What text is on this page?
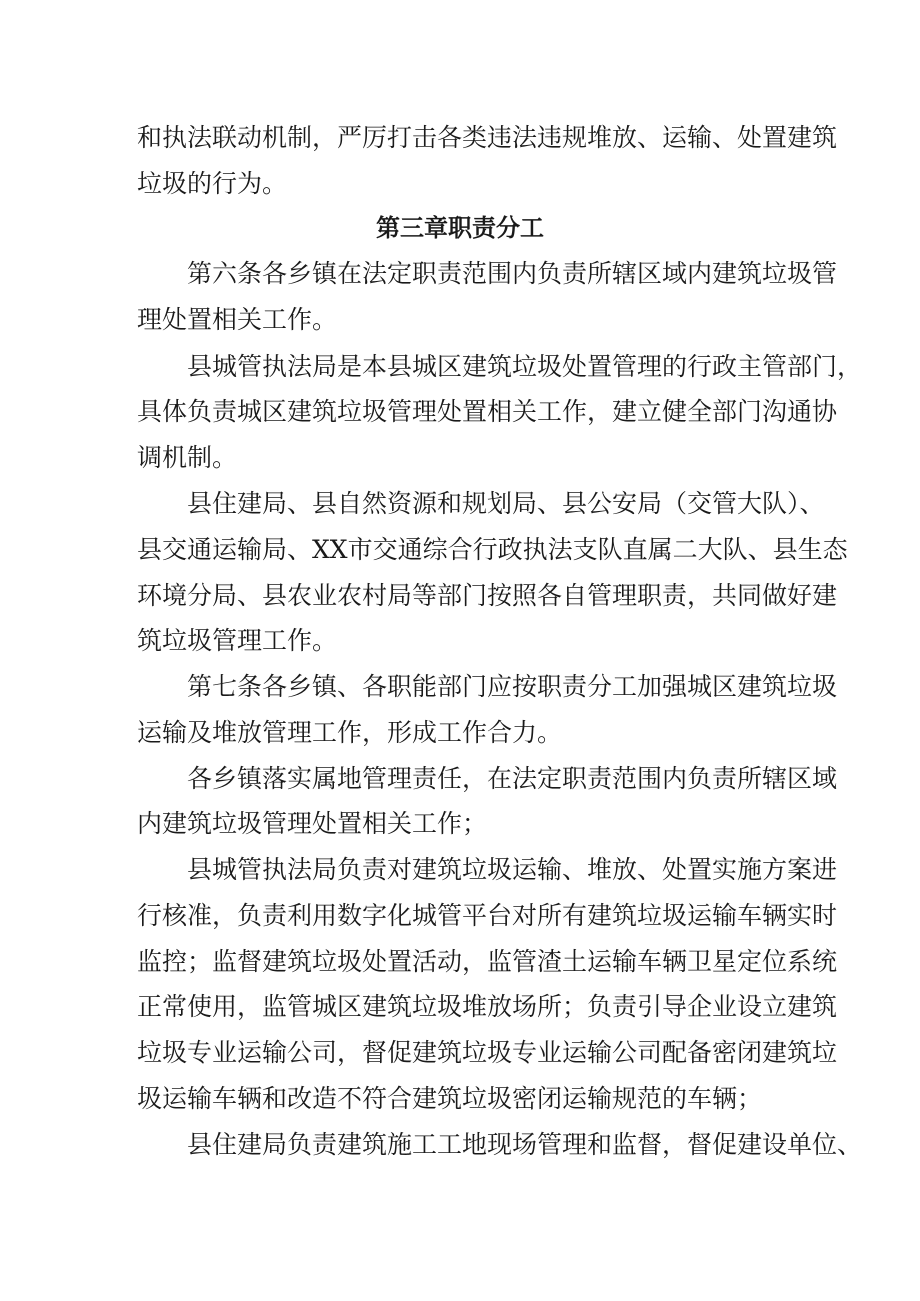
和执法联动机制，严厉打击各类违法违规堆放、运输、处置建筑
垃圾的行为。
第三章职责分工
第六条各乡镇在法定职责范围内负责所辖区域内建筑垃圾管
理处置相关工作。
县城管执法局是本县城区建筑垃圾处置管理的行政主管部门，
具体负责城区建筑垃圾管理处置相关工作，建立健全部门沟通协
调机制。
县住建局、县自然资源和规划局、县公安局（交管大队）、
县交通运输局、XX市交通综合行政执法支队直属二大队、县生态
环境分局、县农业农村局等部门按照各自管理职责，共同做好建
筑垃圾管理工作。
第七条各乡镇、各职能部门应按职责分工加强城区建筑垃圾
运输及堆放管理工作，形成工作合力。
各乡镇落实属地管理责任，在法定职责范围内负责所辖区域
内建筑垃圾管理处置相关工作；
县城管执法局负责对建筑垃圾运输、堆放、处置实施方案进
行核准，负责利用数字化城管平台对所有建筑垃圾运输车辆实时
监控；监督建筑垃圾处置活动，监管渣土运输车辆卫星定位系统
正常使用，监管城区建筑垃圾堆放场所；负责引导企业设立建筑
垃圾专业运输公司，督促建筑垃圾专业运输公司配备密闭建筑垃
圾运输车辆和改造不符合建筑垃圾密闭运输规范的车辆；
县住建局负责建筑施工工地现场管理和监督，督促建设单位、
